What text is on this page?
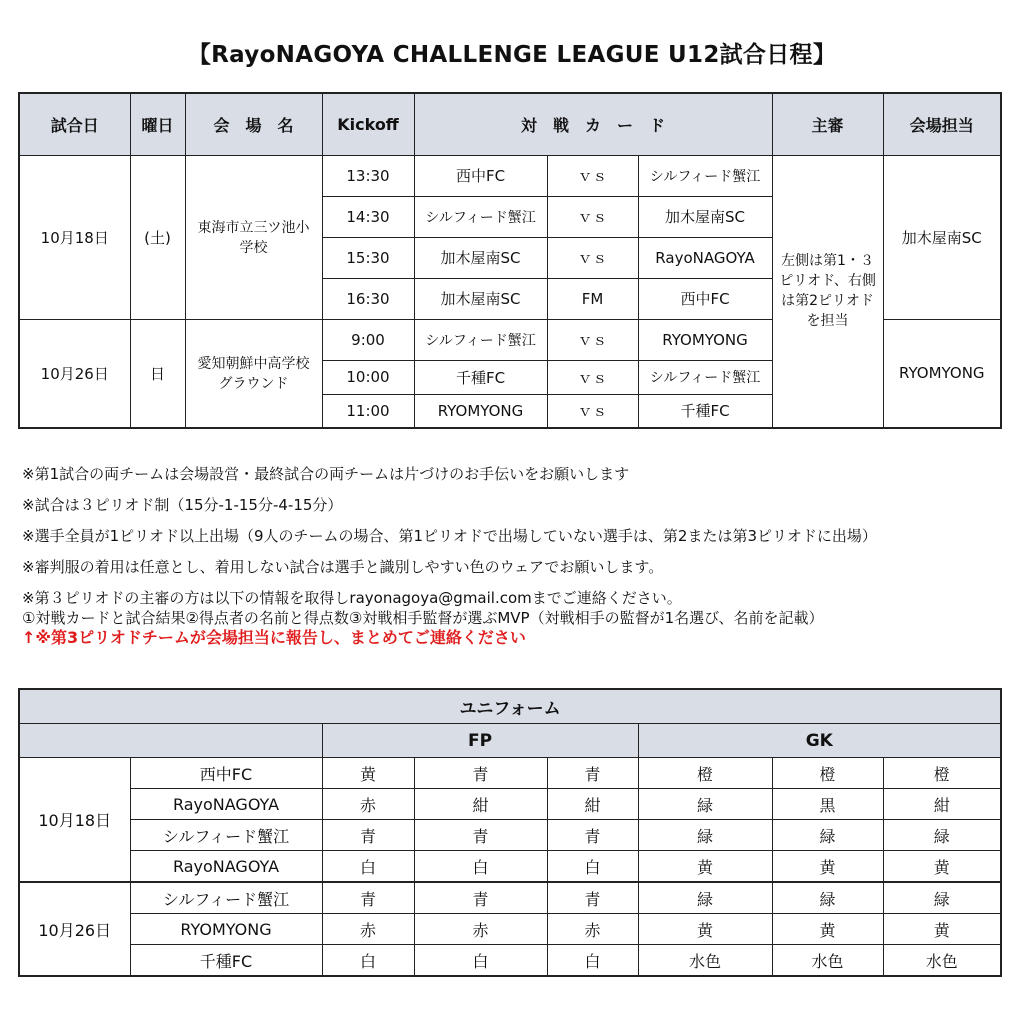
【RayoNAGOYA CHALLENGE LEAGUE U12試合日程】
試合日	曜日	会　場　名	Kickoff	対　戦　カ　ー　ド			主審	会場担当
10月18日	(土)	東海市立三ツ池小学校	13:30	西中FC	ｖｓ	シルフィード蟹江	左側は第1・３ピリオド、右側は第2ピリオドを担当	加木屋南SC
			14:30	シルフィード蟹江	ｖｓ	加木屋南SC		
			15:30	加木屋南SC	ｖｓ	RayoNAGOYA		
			16:30	加木屋南SC	FM	西中FC		
10月26日	日	愛知朝鮮中高学校グラウンド	9:00	シルフィード蟹江	ｖｓ	RYOMYONG		RYOMYONG
			10:00	千種FC	ｖｓ	シルフィード蟹江		
			11:00	RYOMYONG	ｖｓ	千種FC		

※第1試合の両チームは会場設営・最終試合の両チームは片づけのお手伝いをお願いします

※試合は３ピリオド制（15分-1-15分-4-15分）

※選手全員が1ピリオド以上出場（9人のチームの場合、第1ピリオドで出場していない選手は、第2または第3ピリオドに出場）

※審判服の着用は任意とし、着用しない試合は選手と識別しやすい色のウェアでお願いします。

※第３ピリオドの主審の方は以下の情報を取得しrayonagoya@gmail.comまでご連絡ください。

①対戦カードと試合結果②得点者の名前と得点数③対戦相手監督が選ぶMVP（対戦相手の監督が1名選び、名前を記載）

↑※第3ピリオドチームが会場担当に報告し、まとめてご連絡ください

ユニフォーム							
		FP			GK		
10月18日	西中FC	黄	青	青	橙	橙	橙
	RayoNAGOYA	赤	紺	紺	緑	黒	紺
	シルフィード蟹江	青	青	青	緑	緑	緑
	RayoNAGOYA	白	白	白	黄	黄	黄
10月26日	シルフィード蟹江	青	青	青	緑	緑	緑
	RYOMYONG	赤	赤	赤	黄	黄	黄
	千種FC	白	白	白	水色	水色	水色
